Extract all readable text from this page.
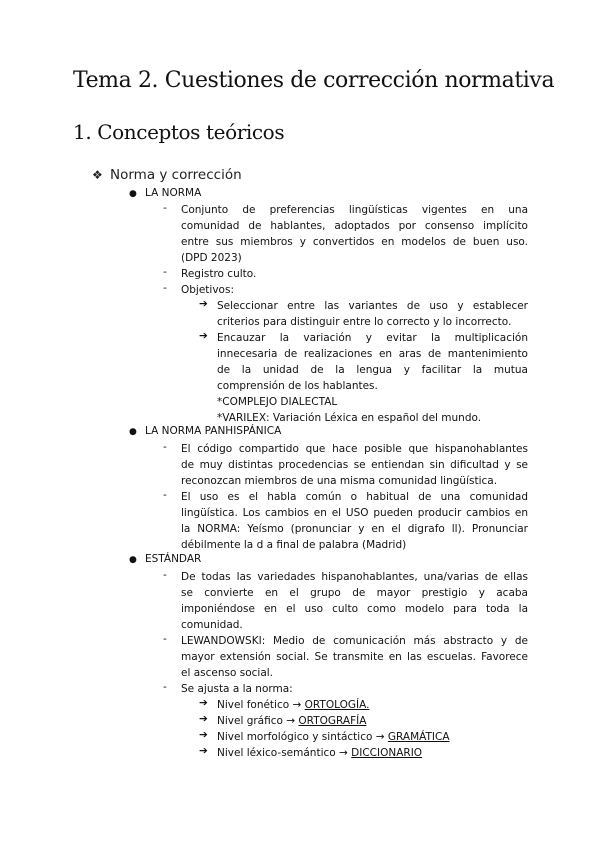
Tema 2. Cuestiones de corrección normativa
1. Conceptos teóricos
❖ Norma y corrección
● LA NORMA
- Conjunto de preferencias lingüísticas vigentes en una
comunidad de hablantes, adoptados por consenso implícito
entre sus miembros y convertidos en modelos de buen uso.
(DPD 2023)
- Registro culto.
- Objetivos:
➔ Seleccionar entre las variantes de uso y establecer
criterios para distinguir entre lo correcto y lo incorrecto.
➔ Encauzar la variación y evitar la multiplicación
innecesaria de realizaciones en aras de mantenimiento
de la unidad de la lengua y facilitar la mutua
comprensión de los hablantes.
*COMPLEJO DIALECTAL
*VARILEX: Variación Léxica en español del mundo.
● LA NORMA PANHISPÁNICA
- El código compartido que hace posible que hispanohablantes
de muy distintas procedencias se entiendan sin dificultad y se
reconozcan miembros de una misma comunidad lingüística.
- El uso es el habla común o habitual de una comunidad
lingüística. Los cambios en el USO pueden producir cambios en
la NORMA: Yeísmo (pronunciar y en el digrafo ll). Pronunciar
débilmente la d a final de palabra (Madrid)
● ESTÁNDAR
- De todas las variedades hispanohablantes, una/varias de ellas
se convierte en el grupo de mayor prestigio y acaba
imponiéndose en el uso culto como modelo para toda la
comunidad.
- LEWANDOWSKI: Medio de comunicación más abstracto y de
mayor extensión social. Se transmite en las escuelas. Favorece
el ascenso social.
- Se ajusta a la norma:
➔ Nivel fonético → ORTOLOGÍA.
➔ Nivel gráfico → ORTOGRAFÍA
➔ Nivel morfológico y sintáctico → GRAMÁTICA
➔ Nivel léxico-semántico → DICCIONARIO
